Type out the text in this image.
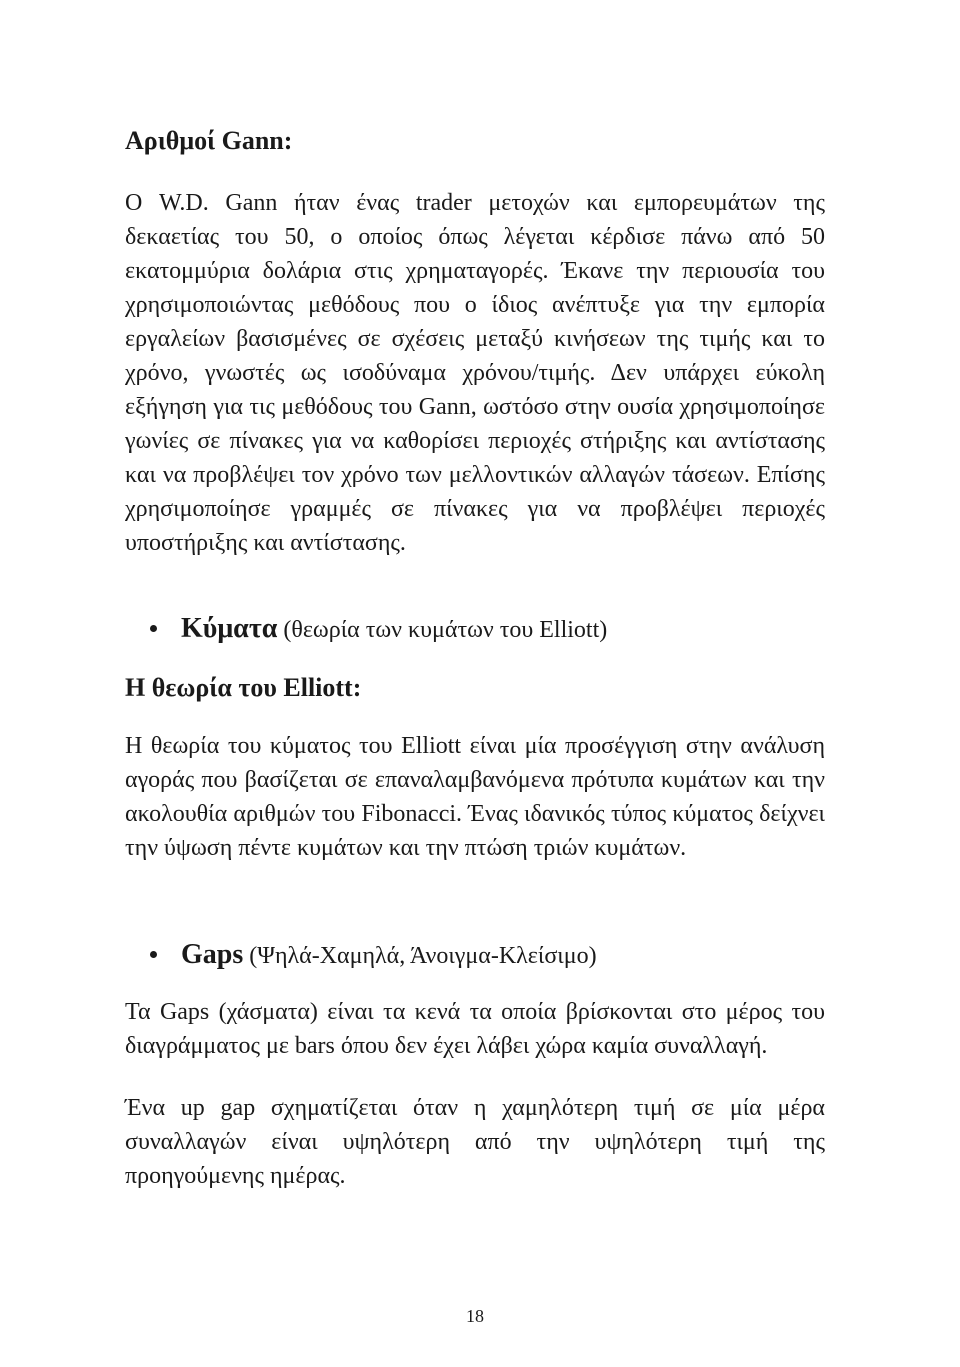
Αριθμοί Gann:

Ο W.D. Gann ήταν ένας trader μετοχών και εμπορευμάτων της δεκαετίας του 50, ο οποίος όπως λέγεται κέρδισε πάνω από 50 εκατομμύρια δολάρια στις χρηματαγορές. Έκανε την περιουσία του χρησιμοποιώντας μεθόδους που ο ίδιος ανέπτυξε για την εμπορία εργαλείων βασισμένες σε σχέσεις μεταξύ κινήσεων της τιμής και το χρόνο, γνωστές ως ισοδύναμα χρόνου/τιμής. Δεν υπάρχει εύκολη εξήγηση για τις μεθόδους του Gann, ωστόσο στην ουσία χρησιμοποίησε γωνίες σε πίνακες για να καθορίσει περιοχές στήριξης και αντίστασης και να προβλέψει τον χρόνο των μελλοντικών αλλαγών τάσεων. Επίσης χρησιμοποίησε γραμμές σε πίνακες για να προβλέψει περιοχές υποστήριξης και αντίστασης.

Κύματα (θεωρία των κυμάτων του Elliott)

Η θεωρία του Elliott:

Η θεωρία του κύματος του Elliott είναι μία προσέγγιση στην ανάλυση αγοράς που βασίζεται σε επαναλαμβανόμενα πρότυπα κυμάτων και την ακολουθία αριθμών του Fibonacci. Ένας ιδανικός τύπος κύματος δείχνει την ύψωση πέντε κυμάτων και την πτώση τριών κυμάτων.

Gaps (Ψηλά-Χαμηλά, Άνοιγμα-Κλείσιμο)

Τα Gaps (χάσματα) είναι τα κενά τα οποία βρίσκονται στο μέρος του διαγράμματος με bars όπου δεν έχει λάβει χώρα καμία συναλλαγή.

Ένα up gap σχηματίζεται όταν η χαμηλότερη τιμή σε μία μέρα συναλλαγών είναι υψηλότερη από την υψηλότερη τιμή της προηγούμενης ημέρας.

18
